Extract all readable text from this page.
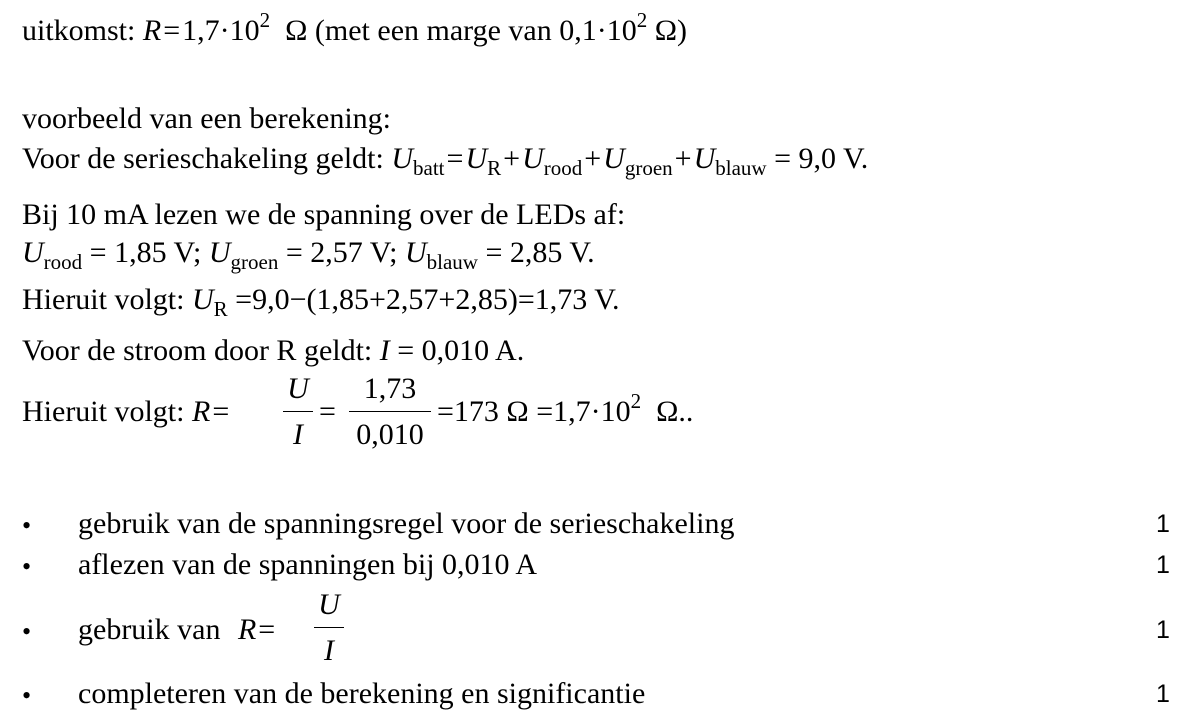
uitkomst: $R=1,7\cdot 10^2$ Ω (met een marge van $0,1\cdot 10^2$ Ω)
voorbeeld van een berekening:
Voor de serieschakeling geldt: $U_{batt}=U_R+U_{rood}+U_{groen}+U_{blauw} = 9,0$ V.
Bij 10 mA lezen we de spanning over de LEDs af:
$U_{rood} = 1,85$ V; $U_{groen} = 2,57$ V; $U_{blauw} = 2,85$ V.
Hieruit volgt: $U_R =9,0-(1,85+2,57+2,85)=1,73$ V.
Voor de stroom door R geldt: I = 0,010 A.
Hieruit volgt: R=
U
I
=
1,73
0,010
=173 $\Omega =1,7\cdot 10^2$ Ω..
• gebruik van de spanningsregel voor de serieschakeling	1
• aflezen van de spanningen bij 0,010 A	1
• gebruik van R=
U
I
1
• completeren van de berekening en significantie	1
